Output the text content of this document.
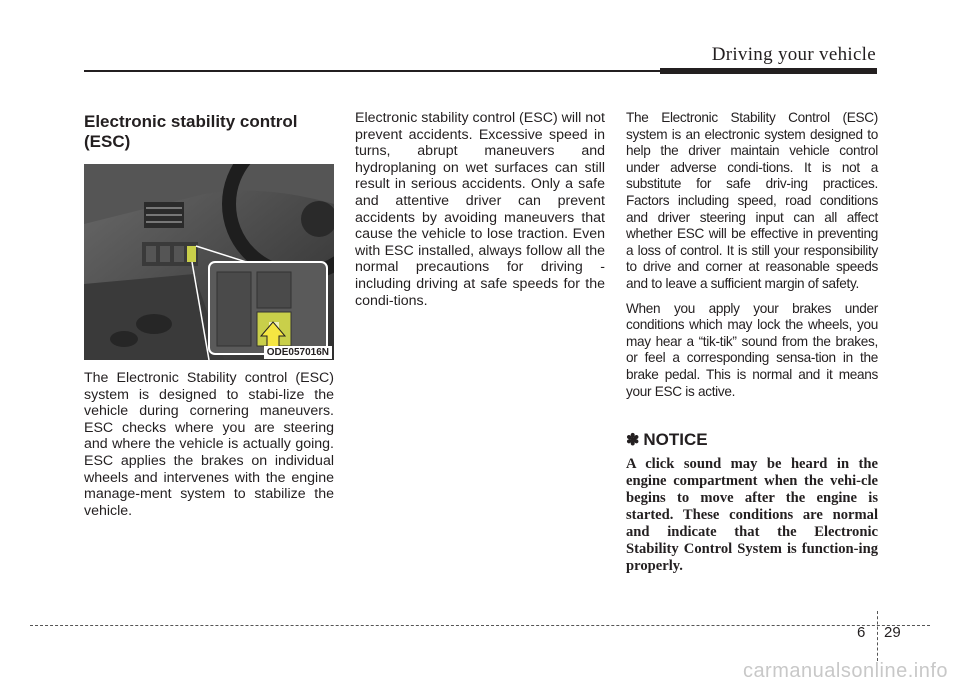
Driving your vehicle
Electronic stability control (ESC)
ODE057016N

The Electronic Stability control (ESC) system is designed to stabi-lize the vehicle during cornering maneuvers. ESC checks where you are steering and where the vehicle is actually going. ESC applies the brakes on individual wheels and intervenes with the engine manage-ment system to stabilize the vehicle.

Electronic stability control (ESC) will not prevent accidents. Excessive speed in turns, abrupt maneuvers and hydroplaning on wet surfaces can still result in serious accidents. Only a safe and attentive driver can prevent accidents by avoiding maneuvers that cause the vehicle to lose traction. Even with ESC installed, always follow all the normal precautions for driving - including driving at safe speeds for the condi-tions.

The Electronic Stability Control (ESC) system is an electronic system designed to help the driver maintain vehicle control under adverse condi-tions. It is not a substitute for safe driv-ing practices. Factors including speed, road conditions and driver steering input can all affect whether ESC will be effective in preventing a loss of control. It is still your responsibility to drive and corner at reasonable speeds and to leave a sufficient margin of safety.

When you apply your brakes under conditions which may lock the wheels, you may hear a “tik-tik” sound from the brakes, or feel a corresponding sensa-tion in the brake pedal. This is normal and it means your ESC is active.

✽ NOTICE

A click sound may be heard in the engine compartment when the vehi-cle begins to move after the engine is started. These conditions are normal and indicate that the Electronic Stability Control System is function-ing properly.

6 29
carmanualsonline.info
